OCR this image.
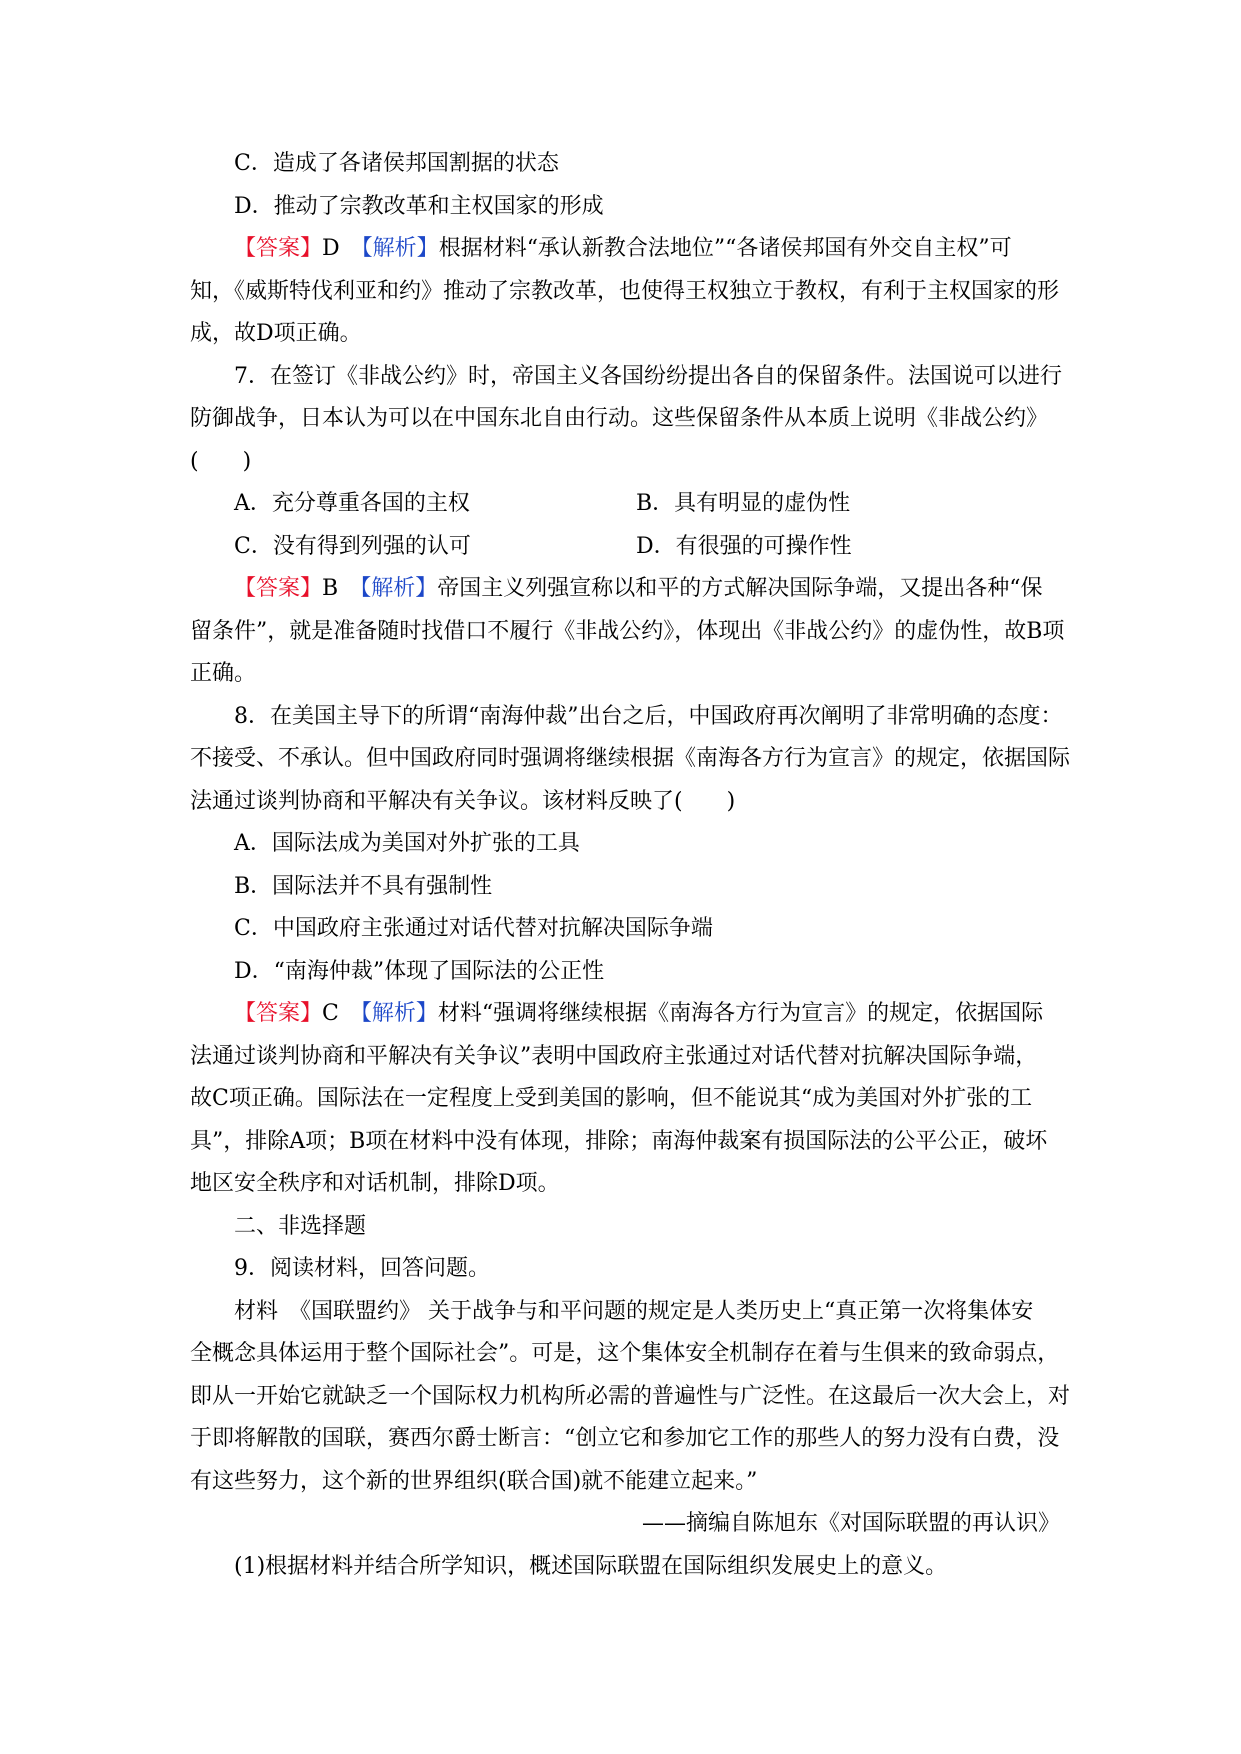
C．造成了各诸侯邦国割据的状态
D．推动了宗教改革和主权国家的形成
【答案】D　 【解析】根据材料“承认新教合法地位”“各诸侯邦国有外交自主权”可
知，《威斯特伐利亚和约》推动了宗教改革，也使得王权独立于教权，有利于主权国家的形
成，故D项正确。
7．在签订《非战公约》时，帝国主义各国纷纷提出各自的保留条件。法国说可以进行
防御战争，日本认为可以在中国东北自由行动。这些保留条件从本质上说明《非战公约》
(　　)
A．充分尊重各国的主权	B．具有明显的虚伪性
C．没有得到列强的认可	D．有很强的可操作性
【答案】B　 【解析】帝国主义列强宣称以和平的方式解决国际争端，又提出各种“保
留条件”，就是准备随时找借口不履行《非战公约》，体现出《非战公约》的虚伪性，故B项
正确。
8．在美国主导下的所谓“南海仲裁”出台之后，中国政府再次阐明了非常明确的态度：
不接受、不承认。但中国政府同时强调将继续根据《南海各方行为宣言》的规定，依据国际
法通过谈判协商和平解决有关争议。该材料反映了(　　)
A．国际法成为美国对外扩张的工具
B．国际法并不具有强制性
C．中国政府主张通过对话代替对抗解决国际争端
D．“南海仲裁”体现了国际法的公正性
【答案】C　 【解析】材料“强调将继续根据《南海各方行为宣言》的规定，依据国际
法通过谈判协商和平解决有关争议”表明中国政府主张通过对话代替对抗解决国际争端，
故C项正确。国际法在一定程度上受到美国的影响，但不能说其“成为美国对外扩张的工
具”，排除A项；B项在材料中没有体现，排除；南海仲裁案有损国际法的公平公正，破坏
地区安全秩序和对话机制，排除D项。
二、非选择题
9．阅读材料，回答问题。
材料　《国联盟约》 关于战争与和平问题的规定是人类历史上“真正第一次将集体安
全概念具体运用于整个国际社会”。可是，这个集体安全机制存在着与生俱来的致命弱点，
即从一开始它就缺乏一个国际权力机构所必需的普遍性与广泛性。在这最后一次大会上，对
于即将解散的国联，赛西尔爵士断言：“创立它和参加它工作的那些人的努力没有白费，没
有这些努力，这个新的世界组织(联合国)就不能建立起来。”
——摘编自陈旭东《对国际联盟的再认识》
(1)根据材料并结合所学知识，概述国际联盟在国际组织发展史上的意义。
